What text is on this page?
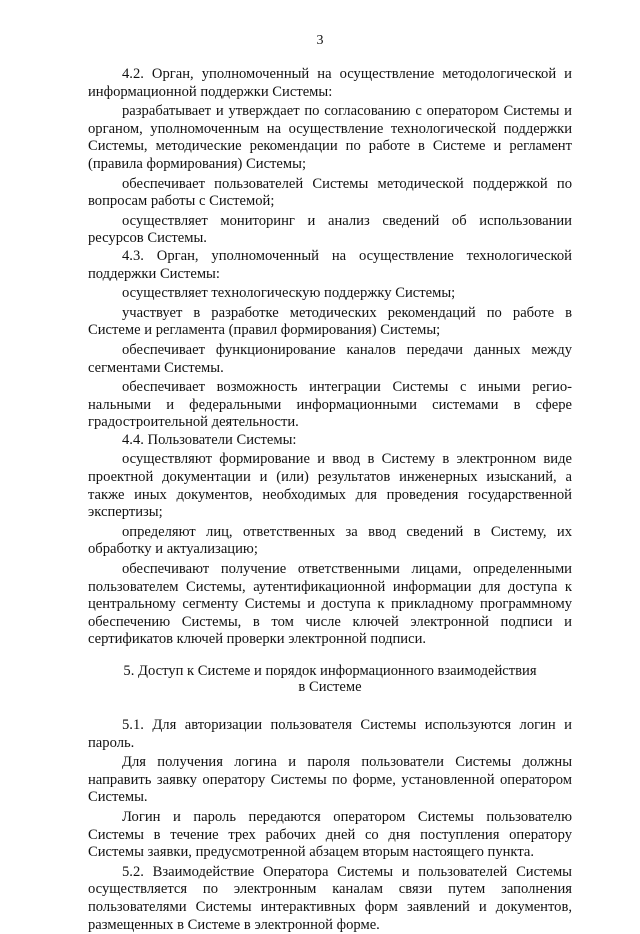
3

4.2. Орган, уполномоченный на осуществление методологической и информационной поддержки Системы:

разрабатывает и утверждает по согласованию с оператором Системы и органом, уполномоченным на осуществление технологической поддержки Системы, методические рекомендации по работе в Системе и регламент (правила формирования) Системы;

обеспечивает пользователей Системы методической поддержкой по вопросам работы с Системой;

осуществляет мониторинг и анализ сведений об использовании ресурсов Системы.

4.3. Орган, уполномоченный на осуществление технологической поддержки Системы:

осуществляет технологическую поддержку Системы;

участвует в разработке методических рекомендаций по работе в Системе и регламента (правил формирования) Системы;

обеспечивает функционирование каналов передачи данных между сегментами Системы.

обеспечивает возможность интеграции Системы с иными региональными и федеральными информационными системами в сфере градостроительной деятельности.

4.4. Пользователи Системы:

осуществляют формирование и ввод в Систему в электронном виде проектной документации и (или) результатов инженерных изысканий, а также иных документов, необходимых для проведения государственной экспертизы;

определяют лиц, ответственных за ввод сведений в Систему, их обработку и актуализацию;

обеспечивают получение ответственными лицами, определенными пользователем Системы, аутентификационной информации для доступа к центральному сегменту Системы и доступа к прикладному программному обеспечению Системы, в том числе ключей электронной подписи и сертификатов ключей проверки электронной подписи.

5. Доступ к Системе и порядок информационного взаимодействия
в Системе

5.1. Для авторизации пользователя Системы используются логин и пароль.

Для получения логина и пароля пользователи Системы должны направить заявку оператору Системы по форме, установленной оператором Системы.

Логин и пароль передаются оператором Системы пользователю Системы в течение трех рабочих дней со дня поступления оператору Системы заявки, предусмотренной абзацем вторым настоящего пункта.

5.2. Взаимодействие Оператора Системы и пользователей Системы осуществляется по электронным каналам связи путем заполнения пользователями Системы интерактивных форм заявлений и документов, размещенных в Системе в электронной форме.
